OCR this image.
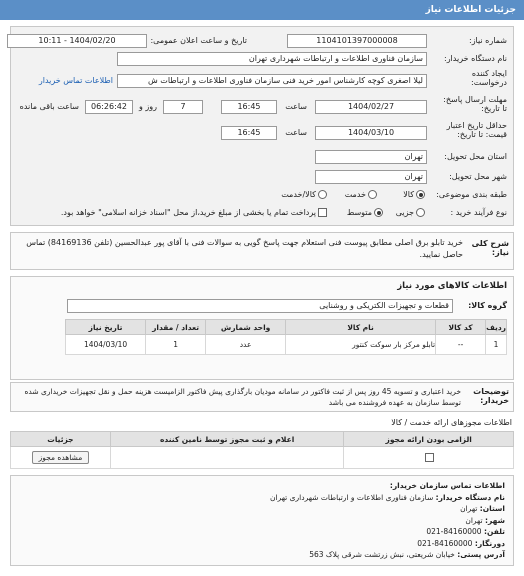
جزئیات اطلاعات نیاز
شماره نیاز:
1104101397000008
تاریخ و ساعت اعلان عمومی:
1404/02/20 - 10:11
نام دستگاه خریدار:
سازمان فناوری اطلاعات و ارتباطات شهرداری تهران
ایجاد کننده درخواست:
لیلا اصغری کوچه کارشناس امور خرید فنی سازمان فناوری اطلاعات و ارتباطات ش
اطلاعات تماس خریدار
مهلت ارسال پاسخ: تا تاریخ:
1404/02/27
ساعت
16:45
7
روز و
06:26:42
ساعت باقی مانده
حداقل تاریخ اعتبار قیمت: تا تاریخ:
1404/03/10
ساعت
16:45
استان محل تحویل:
تهران
شهر محل تحویل:
تهران
طبقه بندی موضوعی:
کالا
خدمت
کالا/خدمت
نوع فرآیند خرید :
جزیی
متوسط
پرداخت تمام یا بخشی از مبلغ خرید،از محل "اسناد خزانه اسلامی" خواهد بود.
شرح کلی نیاز:
خرید تابلو برق اصلی مطابق پیوست فنی استعلام جهت پاسخ گویی به سوالات فنی با آقای پور عبدالحسین (تلفن 84169136) تماس حاصل نمایید.
اطلاعات کالاهای مورد نیاز
گروه کالا:
قطعات و تجهیزات الکتریکی و روشنایی
ردیف	کد کالا	نام کالا	واحد شمارش	تعداد / مقدار	تاریخ نیاز
1	--	تابلو مرکز بار سوکت کنتور	عدد	1	1404/03/10
توضیحات خریدار:
خرید اعتباری و تسویه 45 روز پس از ثبت فاکتور در سامانه مودیان بارگذاری پیش فاکتور الزامیست هزینه حمل و نقل تجهیزات خریداری شده توسط سازمان به عهده فروشنده می باشد
اطلاعات مجوزهای ارائه خدمت / کالا
الزامی بودن ارائه مجوز	اعلام و ثبت مجوز توسط نامین کننده	جزئیات
		مشاهده مجوز
اطلاعات تماس سازمان خریدار:
نام دستگاه خریدار: سازمان فناوری اطلاعات و ارتباطات شهرداری تهران
استان: تهران
شهر: تهران
تلفن: 84160000-021
دورنگار: 84160000-021
آدرس پستی: خیابان شریعتی، نبش زرتشت شرقی پلاک 563
